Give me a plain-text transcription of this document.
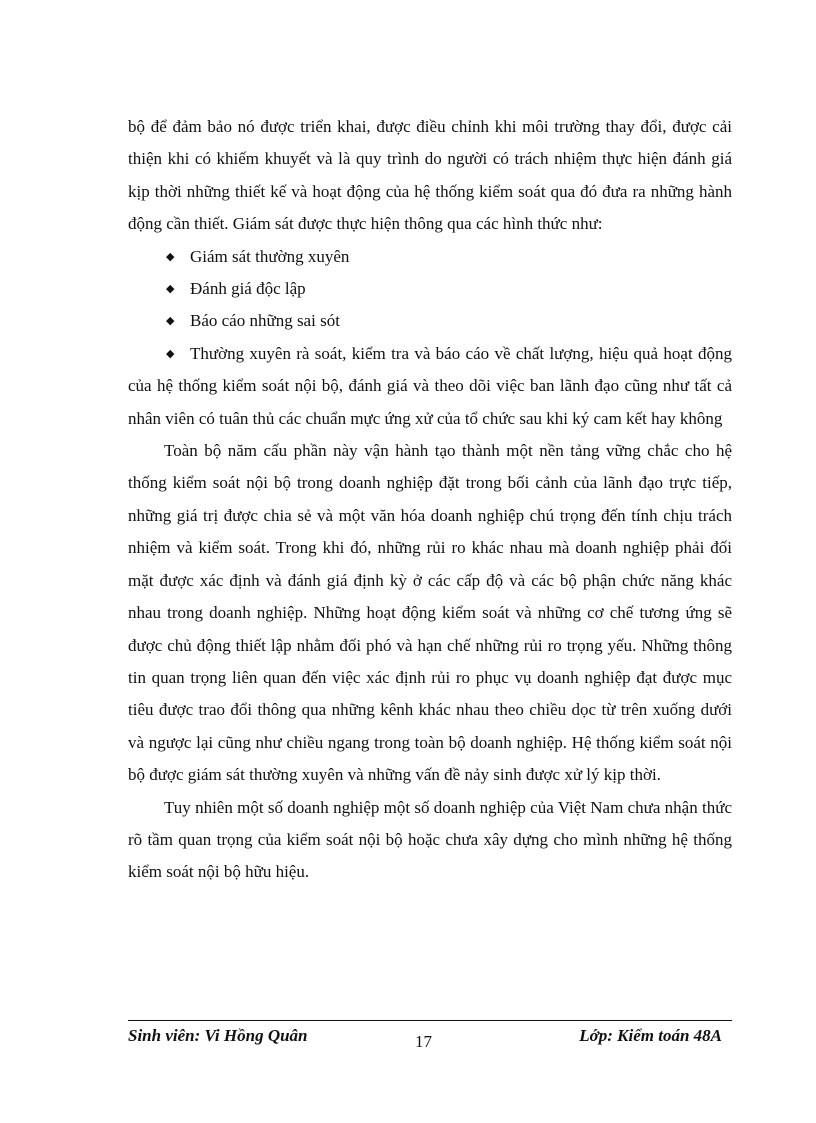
bộ để đảm bảo nó được triển khai, được điều chỉnh khi môi trường thay đổi, được cải thiện khi có khiếm khuyết và là quy trình do người có trách nhiệm thực hiện đánh giá kịp thời những thiết kế và hoạt động của hệ thống kiểm soát qua đó đưa ra những hành động cần thiết. Giám sát được thực hiện thông qua các hình thức như:

◆ Giám sát thường xuyên
◆ Đánh giá độc lập
◆ Báo cáo những sai sót
◆ Thường xuyên rà soát, kiểm tra và báo cáo về chất lượng, hiệu quả hoạt động của hệ thống kiểm soát nội bộ, đánh giá và theo dõi việc ban lãnh đạo cũng như tất cả nhân viên có tuân thủ các chuẩn mực ứng xử của tổ chức sau khi ký cam kết hay không

Toàn bộ năm cấu phần này vận hành tạo thành một nền tảng vững chắc cho hệ thống kiểm soát nội bộ trong doanh nghiệp đặt trong bối cảnh của lãnh đạo trực tiếp, những giá trị được chia sẻ và một văn hóa doanh nghiệp chú trọng đến tính chịu trách nhiệm và kiểm soát. Trong khi đó, những rủi ro khác nhau mà doanh nghiệp phải đối mặt được xác định và đánh giá định kỳ ở các cấp độ và các bộ phận chức năng khác nhau trong doanh nghiệp. Những hoạt động kiểm soát và những cơ chế tương ứng sẽ được chủ động thiết lập nhằm đối phó và hạn chế những rủi ro trọng yếu. Những thông tin quan trọng liên quan đến việc xác định rủi ro phục vụ doanh nghiệp đạt được mục tiêu được trao đổi thông qua những kênh khác nhau theo chiều dọc từ trên xuống dưới và ngược lại cũng như chiều ngang trong toàn bộ doanh nghiệp. Hệ thống kiểm soát nội bộ được giám sát thường xuyên và những vấn đề nảy sinh được xử lý kịp thời.

Tuy nhiên một số doanh nghiệp một số doanh nghiệp của Việt Nam chưa nhận thức rõ tầm quan trọng của kiểm soát nội bộ hoặc chưa xây dựng cho mình những hệ thống kiểm soát nội bộ hữu hiệu.

Sinh viên: Vi Hồng Quân	17	Lớp: Kiểm toán 48A
